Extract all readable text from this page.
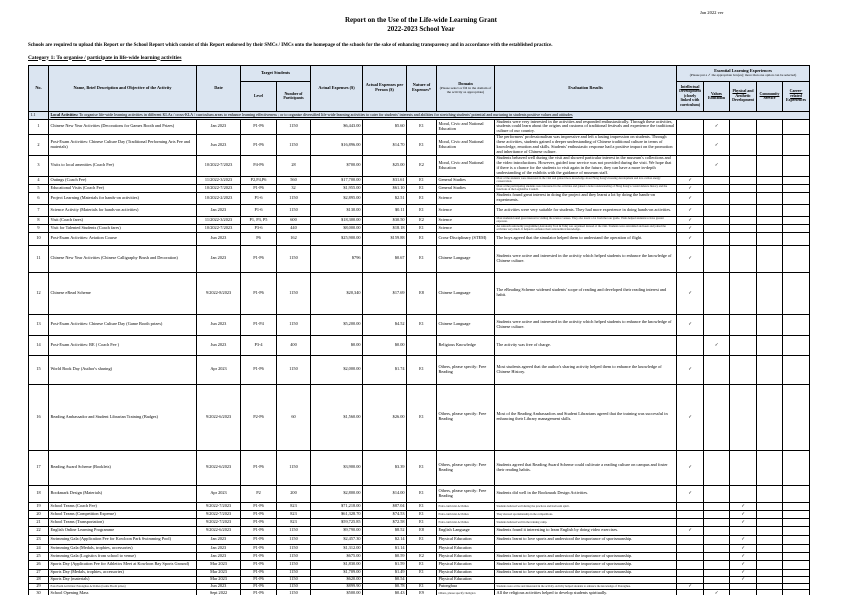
Jan 2022 ver
Report on the Use of the Life-wide Learning Grant
2022-2023 School Year
Schools are required to upload this Report or the School Report which consist of this Report endorsed by their SMCs / IMCs onto the homepage of the schools for the sake of enhancing transparency and in accordance with the established practice.
Category 1: To organise / participate in life-wide learning activities
No.	Name, Brief Description and Objective of the Activity	Date	Target Students		Actual Expenses ($)	Actual Expenses per Person ($)	Nature of Expenses*	Domain
(Please select or fill in the domain of the activity as appropriate)	Evaluation Results	Essential Learning Experiences
(Please put a ✓ the appropriate box(es); more than one option can be selected)				

			Level	Number of Participants						Intellectual Development (closely linked with curriculum)	Values Education	Physical and Aesthetic Development	Community Service	Career-related Experiences
1.1	Local Activities: To organise life-wide learning activities in different KLAs / cross-KLA / curriculum areas to enhance learning effectiveness ; or to organise diversified life-wide learning activities to cater for students' interests and abilities for stretching students' potential and nurturing in students positive values and attitudes													
1	Chinese New Year Activities (Decorations for Games Booth and Prizes)	Jan 2023	P1-P6	1150	$6,443.00	$5.60	E1	Moral, Civic and National Education	Students were very interested in the activities and responded enthusiastically. Through these activities, students could learn about the origins and customs of traditional festivals and experience the traditional culture of our country.		✓			
2	Post-Exam Activities: Chinese Culture Day (Traditional Performing Arts Fee and materials)	Jun 2023	P1-P6	1150	$16,896.00	$14.70	E1	Moral, Civic and National Education	The performers' professionalism was impressive and left a lasting impression on students. Through these activities, students gained a deeper understanding of Chinese traditional culture in terms of knowledge, emotion and skills. Students' enthusiastic response had a positive impact on the promotion and inheritance of Chinese culture.		✓			
3	Visits to local amenities (Coach Fee)	10/2022-7/2023	P4-P6	28	$700.00	$25.00	E2	Moral, Civic and National Education	Students behaved well during the visit and showed particular interest in the museum's collections and the video introductions. However, guided tour service was not provided during the visit. We hope that if there is a chance for the students to visit again in the future, they can have a more in-depth understanding of the exhibits with the guidance of museum staff.		✓			
4	Outings (Coach Fee)	11/2022-3/2023	P2,P4,P6	560	$17,700.00	$31.61	E1	General Studies	Most of the students were interested in the visit and gained more knowledge about Hong Kong's housing development and low-carbon energy conservation.	✓				
5	Educational Visits (Coach Fee)	10/2022-7/2023	P1-P6	32	$1,955.00	$61.10	E1	General Studies	Most of the participating students were interested in the activities and gained a better understanding of Hong Kong's coastal defence history and the functions of the Legislative Council.	✓				
6	Project Learning (Materials for hands-on activities)	10/2022-2/2023	P1-6	1150	$2,895.00	$2.51	E1	Science	Students found great interest in doing the project and they learnt a lot by doing the hands-on experiments.	✓				
7	Science Activity (Materials for hands-on activities)	Jan 2023	P1-6	1150	$130.00	$0.11	E1	Science	The activities were very suitable for students. They had more experience in doing hands-on activities.	✓				
8	Visit (Coach fares)	11/2022-3/2023	P1, P3, P5	600	$18,300.00	$30.50	E2	Science	Most students found great interest in visiting the science venues. They also learnt a lot from the tour guide. Visits helped students to have greater exposure.	✓				
9	Visit for Talented Students (Coach fares)	10/2022-7/2023	P3-6	440	$8,000.00	$18.18	E1	Science	An outreach astronomy programme (Astronomy Tool & Talk) was organised instead of the visit. Students were astonished and keen and joined the activities very much. It helped to enhance their astronomical knowledge.	✓				
10	Post-Exam Activities: Aviation Course	Jun 2023	P6	162	$25,900.00	$159.88	E1	Cross-Disciplinary (STEM)	The boys agreed that the simulator helped them to understand the operation of flight.	✓				
11	Chinese New Year Activities (Chinese Calligraphy Brush and Decoration)	Jan 2023	P1-P6	1150	$796	$0.67	E1	Chinese Language	Students were active and interested in the activity which helped students to enhance the knowledge of Chinese culture.	✓				
12	Chinese eRead Scheme	9/2022-8/2023	P1-P6	1150	$20,340	$17.69	E8	Chinese Language	The eReading Scheme widened students' scope of reading and developed their reading interest and habit.	✓				
13	Post-Exam Activities: Chinese Culture Day (Game Booth prizes)	Jun 2023	P1-P4	1150	$5,200.00	$4.52	E1	Chinese Language	Students were active and interested in the activity which helped students to enhance the knowledge of Chinese culture.	✓				
14	Post-Exam Activities: RE ( Coach Fee )	Jun 2023	P3-4	400	$0.00	$0.00		Religious Knowledge	The activity was free of charge.		✓			
15	World Book Day (Author's sharing)	Apr 2023	P1-P6	1150	$2,000.00	$1.74	E1	Others, please specify: Free Reading	Most students agreed that the author's sharing activity helped them to enhance the knowledge of Chinese History.	✓				
16	Reading Ambassador and Student Librarian Training (Badges)	9/2022-6/2023	P2-P6	60	$1,560.00	$26.00	E1	Others, please specify: Free Reading	Most of the Reading Ambassadors and Student Librarians agreed that the training was successful in enhancing their Library management skills.	✓				
17	Reading Award Scheme (Booklets)	9/2022-6/2023	P1-P6	1150	$3,900.00	$3.39	E1	Others, please specify: Free Reading	Students agreed that Reading Award Scheme could cultivate a reading culture on campus and foster their reading habits.	✓				
18	Bookmark Design (Materials)	Apr 2023	P2	200	$2,800.00	$14.00	E1	Others, please specify: Free Reading	Students did well in the Bookmark Design Activities.	✓				
19	School Teams (Coach Fee)	9/2022-7/2023	P1-P6	823	$71,218.00	$87.04	E1	Extra-curricular Activities	Students behaved well during the practices and had team spirit.			✓		
20	School Teams (Competition Expense)	9/2022-7/2023	P1-P6	823	$61,328.70	$74.53	E1	Extra-curricular Activities	They showed sportsmanship in the competitions.			✓		
21	School Teams (Transportation)	9/2022-7/2023	P1-P6	823	$59,725.85	$72.58	E1	Extra-curricular Activities	Students behaved well in the training camp.			✓		
22	English Online Learning Programme	9/2022-6/2023	P1-P6	1150	$9,790.00	$8.52	E8	English Language	Students found it interesting to learn English by doing video exercises.	✓				
23	Swimming Gala (Application Fee for Kowloon Park Swimming Pool)	Jan 2023	P1-P6	1150	$2,457.30	$2.14	E1	Physical Education	Students learnt to love sports and understood the importance of sportsmanship.			✓		
24	Swimming Gala (Medals, trophies, accessories)	Jan 2023	P1-P6	1150	$1,312.00	$1.14		Physical Education				✓		
25	Swimming Gala (Logistics from school to venue)	Jan 2023	P1-P6	1150	$675.00	$0.59	E2	Physical Education	Students learnt to love sports and understood the importance of sportsmanship.			✓		
26	Sports Day (Application Fee for Athletics Meet at Kowloon Bay Sports Ground)	Mar 2023	P1-P6	1150	$1,830.00	$1.59	E1	Physical Education	Students learnt to love sports and understood the importance of sportsmanship.			✓		
27	Sports Day (Medals, trophies, accessories)	Mar 2023	P1-P6	1150	$1,709.00	$1.49	E1	Physical Education	Students learnt to love sports and understood the importance of sportsmanship.			✓		
28	Sports Day (materials)	Mar 2023	P1-P6	1150	$620.00	$0.54		Physical Education				✓		
29	Post-Exam Activities: Putonghua Activities (Game Booth prizes)	Jun 2023	P1-P6	1150	$899.90	$0.78	E1	Putonghua	Students were active and interested in the activity. Activity helped students to enhance the knowledge of Putonghua.	✓				
30	School Opening Mass	Sept 2022	P1-P6	1150	$500.00	$0.43	E9	Others, please specify: Religion	All the religious activities helped to develop students spiritually.		✓			
